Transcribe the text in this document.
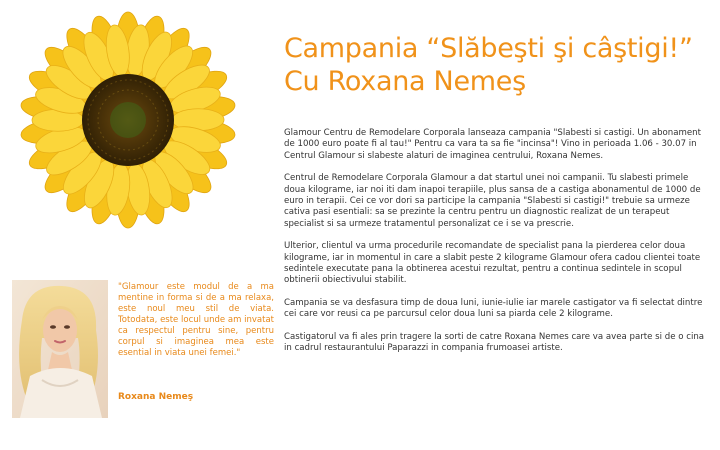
Campania “Slăbeşti şi câştigi!”
Cu Roxana Nemeş
"Glamour este modul de a ma mentine in forma si de a ma relaxa, este noul meu stil de viata. Totodata, este locul unde am invatat ca respectul pentru sine, pentru corpul si imaginea mea este esential in viata unei femei."
Roxana Nemeş

Glamour Centru de Remodelare Corporala lanseaza campania "Slabesti si castigi. Un abonament de 1000 euro poate fi al tau!" Pentru ca vara ta sa fie "incinsa"! Vino in perioada 1.06 - 30.07 in Centrul Glamour si slabeste alaturi de imaginea centrului, Roxana Nemes.

Centrul de Remodelare Corporala Glamour a dat startul unei noi campanii. Tu slabesti primele doua kilograme, iar noi iti dam inapoi terapiile, plus sansa de a castiga abonamentul de 1000 de euro in terapii. Cei ce vor dori sa participe la campania "Slabesti si castigi!" trebuie sa urmeze cativa pasi esentiali: sa se prezinte la centru pentru un diagnostic realizat de un terapeut specialist si sa urmeze tratamentul personalizat ce i se va prescrie.

Ulterior, clientul va urma procedurile recomandate de specialist pana la pierderea celor doua kilograme, iar in momentul in care a slabit peste 2 kilograme Glamour ofera cadou clientei toate sedintele executate pana la obtinerea acestui rezultat, pentru a continua sedintele in scopul obtinerii obiectivului stabilit.

Campania se va desfasura timp de doua luni, iunie-iulie iar marele castigator va fi selectat dintre cei care vor reusi ca pe parcursul celor doua luni sa piarda cele 2 kilograme.

Castigatorul va fi ales prin tragere la sorti de catre Roxana Nemes care va avea parte si de o cina in cadrul restaurantului Paparazzi in compania frumoasei artiste.
